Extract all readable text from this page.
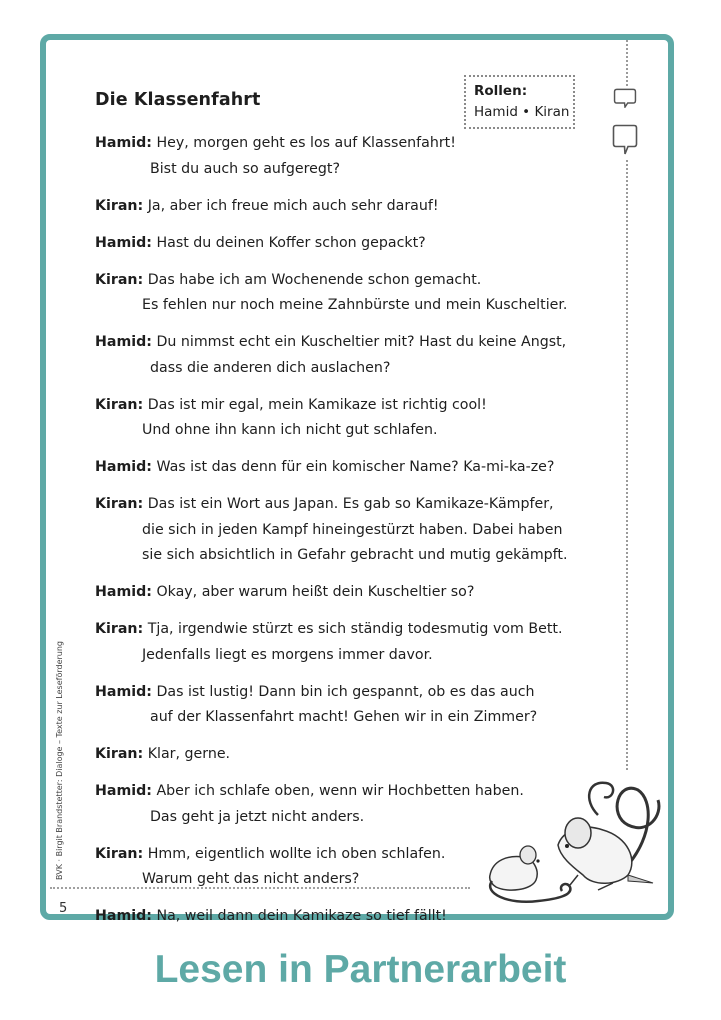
Die Klassenfahrt	Rollen:
Hamid • Kiran
Hamid: Hey, morgen geht es los auf Klassenfahrt!
Bist du auch so aufgeregt?
Kiran: Ja, aber ich freue mich auch sehr darauf!
Hamid: Hast du deinen Koffer schon gepackt?
Kiran: Das habe ich am Wochenende schon gemacht.
Es fehlen nur noch meine Zahnbürste und mein Kuscheltier.
Hamid: Du nimmst echt ein Kuscheltier mit? Hast du keine Angst,
dass die anderen dich auslachen?
Kiran: Das ist mir egal, mein Kamikaze ist richtig cool!
Und ohne ihn kann ich nicht gut schlafen.
Hamid: Was ist das denn für ein komischer Name? Ka-mi-ka-ze?
Kiran: Das ist ein Wort aus Japan. Es gab so Kamikaze-Kämpfer,
die sich in jeden Kampf hineingestürzt haben. Dabei haben
sie sich absichtlich in Gefahr gebracht und mutig gekämpft.
Hamid: Okay, aber warum heißt dein Kuscheltier so?
Kiran: Tja, irgendwie stürzt es sich ständig todesmutig vom Bett.
Jedenfalls liegt es morgens immer davor.
Hamid: Das ist lustig! Dann bin ich gespannt, ob es das auch
auf der Klassenfahrt macht! Gehen wir in ein Zimmer?
Kiran: Klar, gerne.
Hamid: Aber ich schlafe oben, wenn wir Hochbetten haben.
Das geht ja jetzt nicht anders.
Kiran: Hmm, eigentlich wollte ich oben schlafen.
Warum geht das nicht anders?
Hamid: Na, weil dann dein Kamikaze so tief fällt!
BVK · Birgit Brandstetter: Dialoge – Texte zur Leseförderung
5
Lesen in Partnerarbeit
